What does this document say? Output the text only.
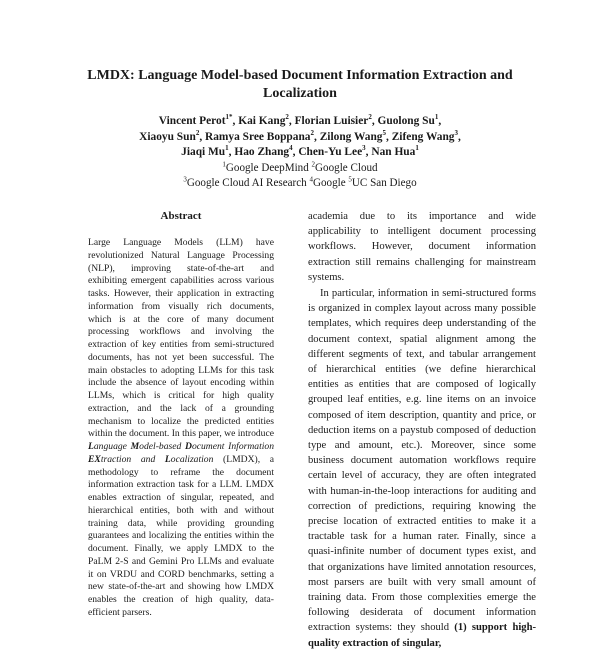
LMDX: Language Model-based Document Information Extraction and Localization
Vincent Perot$^{1*}$, Kai Kang$^2$, Florian Luisier$^2$, Guolong Su$^1$,
Xiaoyu Sun$^2$, Ramya Sree Boppana$^2$, Zilong Wang$^5$, Zifeng Wang$^3$,
Jiaqi Mu$^1$, Hao Zhang$^4$, Chen-Yu Lee$^3$, Nan Hua$^1$
$^1$Google DeepMind $^2$Google Cloud
$^3$Google Cloud AI Research $^4$Google $^5$UC San Diego
Abstract
Large Language Models (LLM) have revolutionized Natural Language Processing (NLP), improving state-of-the-art and exhibiting emergent capabilities across various tasks. However, their application in extracting information from visually rich documents, which is at the core of many document processing workflows and involving the extraction of key entities from semi-structured documents, has not yet been successful. The main obstacles to adopting LLMs for this task include the absence of layout encoding within LLMs, which is critical for high quality extraction, and the lack of a grounding mechanism to localize the predicted entities within the document. In this paper, we introduce Language Model-based Document Information EXtraction and Localization (LMDX), a methodology to reframe the document information extraction task for a LLM. LMDX enables extraction of singular, repeated, and hierarchical entities, both with and without training data, while providing grounding guarantees and localizing the entities within the document. Finally, we apply LMDX to the PaLM 2-S and Gemini Pro LLMs and evaluate it on VRDU and CORD benchmarks, setting a new state-of-the-art and showing how LMDX enables the creation of high quality, data-efficient parsers.

academia due to its importance and wide applicability to intelligent document processing workflows. However, document information extraction still remains challenging for mainstream systems.

In particular, information in semi-structured forms is organized in complex layout across many possible templates, which requires deep understanding of the document context, spatial alignment among the different segments of text, and tabular arrangement of hierarchical entities (we define hierarchical entities as entities that are composed of logically grouped leaf entities, e.g. line items on an invoice composed of item description, quantity and price, or deduction items on a paystub composed of deduction type and amount, etc.). Moreover, since some business document automation workflows require certain level of accuracy, they are often integrated with human-in-the-loop interactions for auditing and correction of predictions, requiring knowing the precise location of extracted entities to make it a tractable task for a human rater. Finally, since a quasi-infinite number of document types exist, and that organizations have limited annotation resources, most parsers are built with very small amount of training data. From those complexities emerge the following desiderata of document information extraction systems: they should (1) support high-quality extraction of singular,
